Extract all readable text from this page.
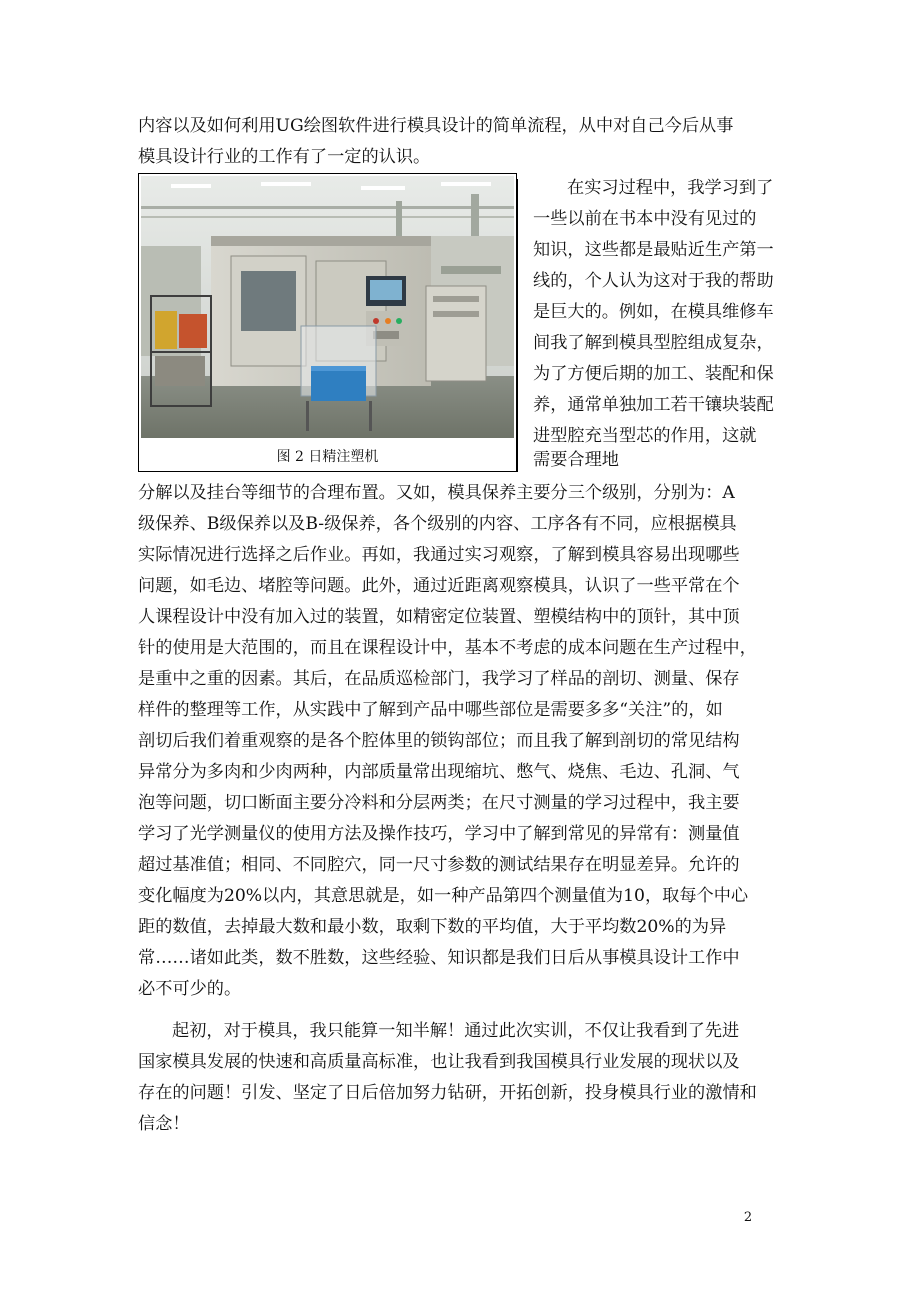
内容以及如何利用UG绘图软件进行模具设计的简单流程，从中对自己今后从事
模具设计行业的工作有了一定的认识。
图 2 日精注塑机
在实习过程中，我学习到了
一些以前在书本中没有见过的
知识，这些都是最贴近生产第一
线的，个人认为这对于我的帮助
是巨大的。例如，在模具维修车
间我了解到模具型腔组成复杂，
为了方便后期的加工、装配和保
养，通常单独加工若干镶块装配
进型腔充当型芯的作用，这就
需要合理地
分解以及挂台等细节的合理布置。又如，模具保养主要分三个级别，分别为：A
级保养、B级保养以及B-级保养，各个级别的内容、工序各有不同，应根据模具
实际情况进行选择之后作业。再如，我通过实习观察，了解到模具容易出现哪些
问题，如毛边、堵腔等问题。此外，通过近距离观察模具，认识了一些平常在个
人课程设计中没有加入过的装置，如精密定位装置、塑模结构中的顶针，其中顶
针的使用是大范围的，而且在课程设计中，基本不考虑的成本问题在生产过程中，
是重中之重的因素。其后，在品质巡检部门，我学习了样品的剖切、测量、保存
样件的整理等工作，从实践中了解到产品中哪些部位是需要多多“关注”的，如
剖切后我们着重观察的是各个腔体里的锁钩部位；而且我了解到剖切的常见结构
异常分为多肉和少肉两种，内部质量常出现缩坑、憋气、烧焦、毛边、孔洞、气
泡等问题，切口断面主要分冷料和分层两类；在尺寸测量的学习过程中，我主要
学习了光学测量仪的使用方法及操作技巧，学习中了解到常见的异常有：测量值
超过基准值；相同、不同腔穴，同一尺寸参数的测试结果存在明显差异。允许的
变化幅度为20%以内，其意思就是，如一种产品第四个测量值为10，取每个中心
距的数值，去掉最大数和最小数，取剩下数的平均值，大于平均数20%的为异
常……诸如此类，数不胜数，这些经验、知识都是我们日后从事模具设计工作中
必不可少的。
起初，对于模具，我只能算一知半解！通过此次实训，不仅让我看到了先进
国家模具发展的快速和高质量高标准，也让我看到我国模具行业发展的现状以及
存在的问题！引发、坚定了日后倍加努力钻研，开拓创新，投身模具行业的激情和
信念！
2
